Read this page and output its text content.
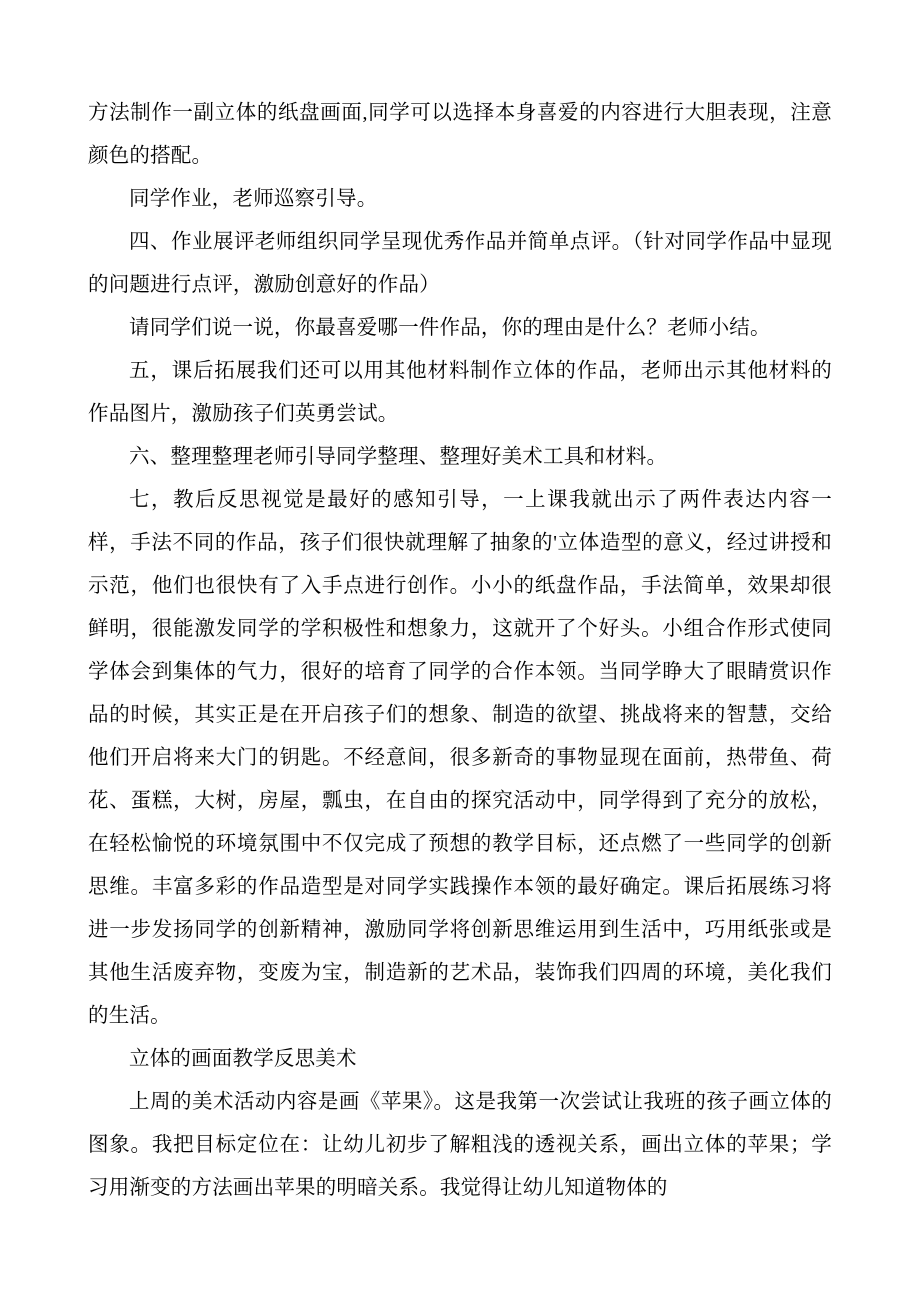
方法制作一副立体的纸盘画面,同学可以选择本身喜爱的内容进行大胆表现，注意颜色的搭配。

同学作业，老师巡察引导。

四、作业展评老师组织同学呈现优秀作品并简单点评。（针对同学作品中显现的问题进行点评，激励创意好的作品）

请同学们说一说，你最喜爱哪一件作品，你的理由是什么？老师小结。

五，课后拓展我们还可以用其他材料制作立体的作品，老师出示其他材料的作品图片，激励孩子们英勇尝试。

六、整理整理老师引导同学整理、整理好美术工具和材料。

七，教后反思视觉是最好的感知引导，一上课我就出示了两件表达内容一样，手法不同的作品，孩子们很快就理解了抽象的'立体造型的意义，经过讲授和示范，他们也很快有了入手点进行创作。小小的纸盘作品，手法简单，效果却很鲜明，很能激发同学的学积极性和想象力，这就开了个好头。小组合作形式使同学体会到集体的气力，很好的培育了同学的合作本领。当同学睁大了眼睛赏识作品的时候，其实正是在开启孩子们的想象、制造的欲望、挑战将来的智慧，交给他们开启将来大门的钥匙。不经意间，很多新奇的事物显现在面前，热带鱼、荷花、蛋糕，大树，房屋，瓢虫，在自由的探究活动中，同学得到了充分的放松，在轻松愉悦的环境氛围中不仅完成了预想的教学目标，还点燃了一些同学的创新思维。丰富多彩的作品造型是对同学实践操作本领的最好确定。课后拓展练习将进一步发扬同学的创新精神，激励同学将创新思维运用到生活中，巧用纸张或是其他生活废弃物，变废为宝，制造新的艺术品，装饰我们四周的环境，美化我们的生活。

立体的画面教学反思美术

上周的美术活动内容是画《苹果》。这是我第一次尝试让我班的孩子画立体的图象。我把目标定位在：让幼儿初步了解粗浅的透视关系，画出立体的苹果；学习用渐变的方法画出苹果的明暗关系。我觉得让幼儿知道物体的
